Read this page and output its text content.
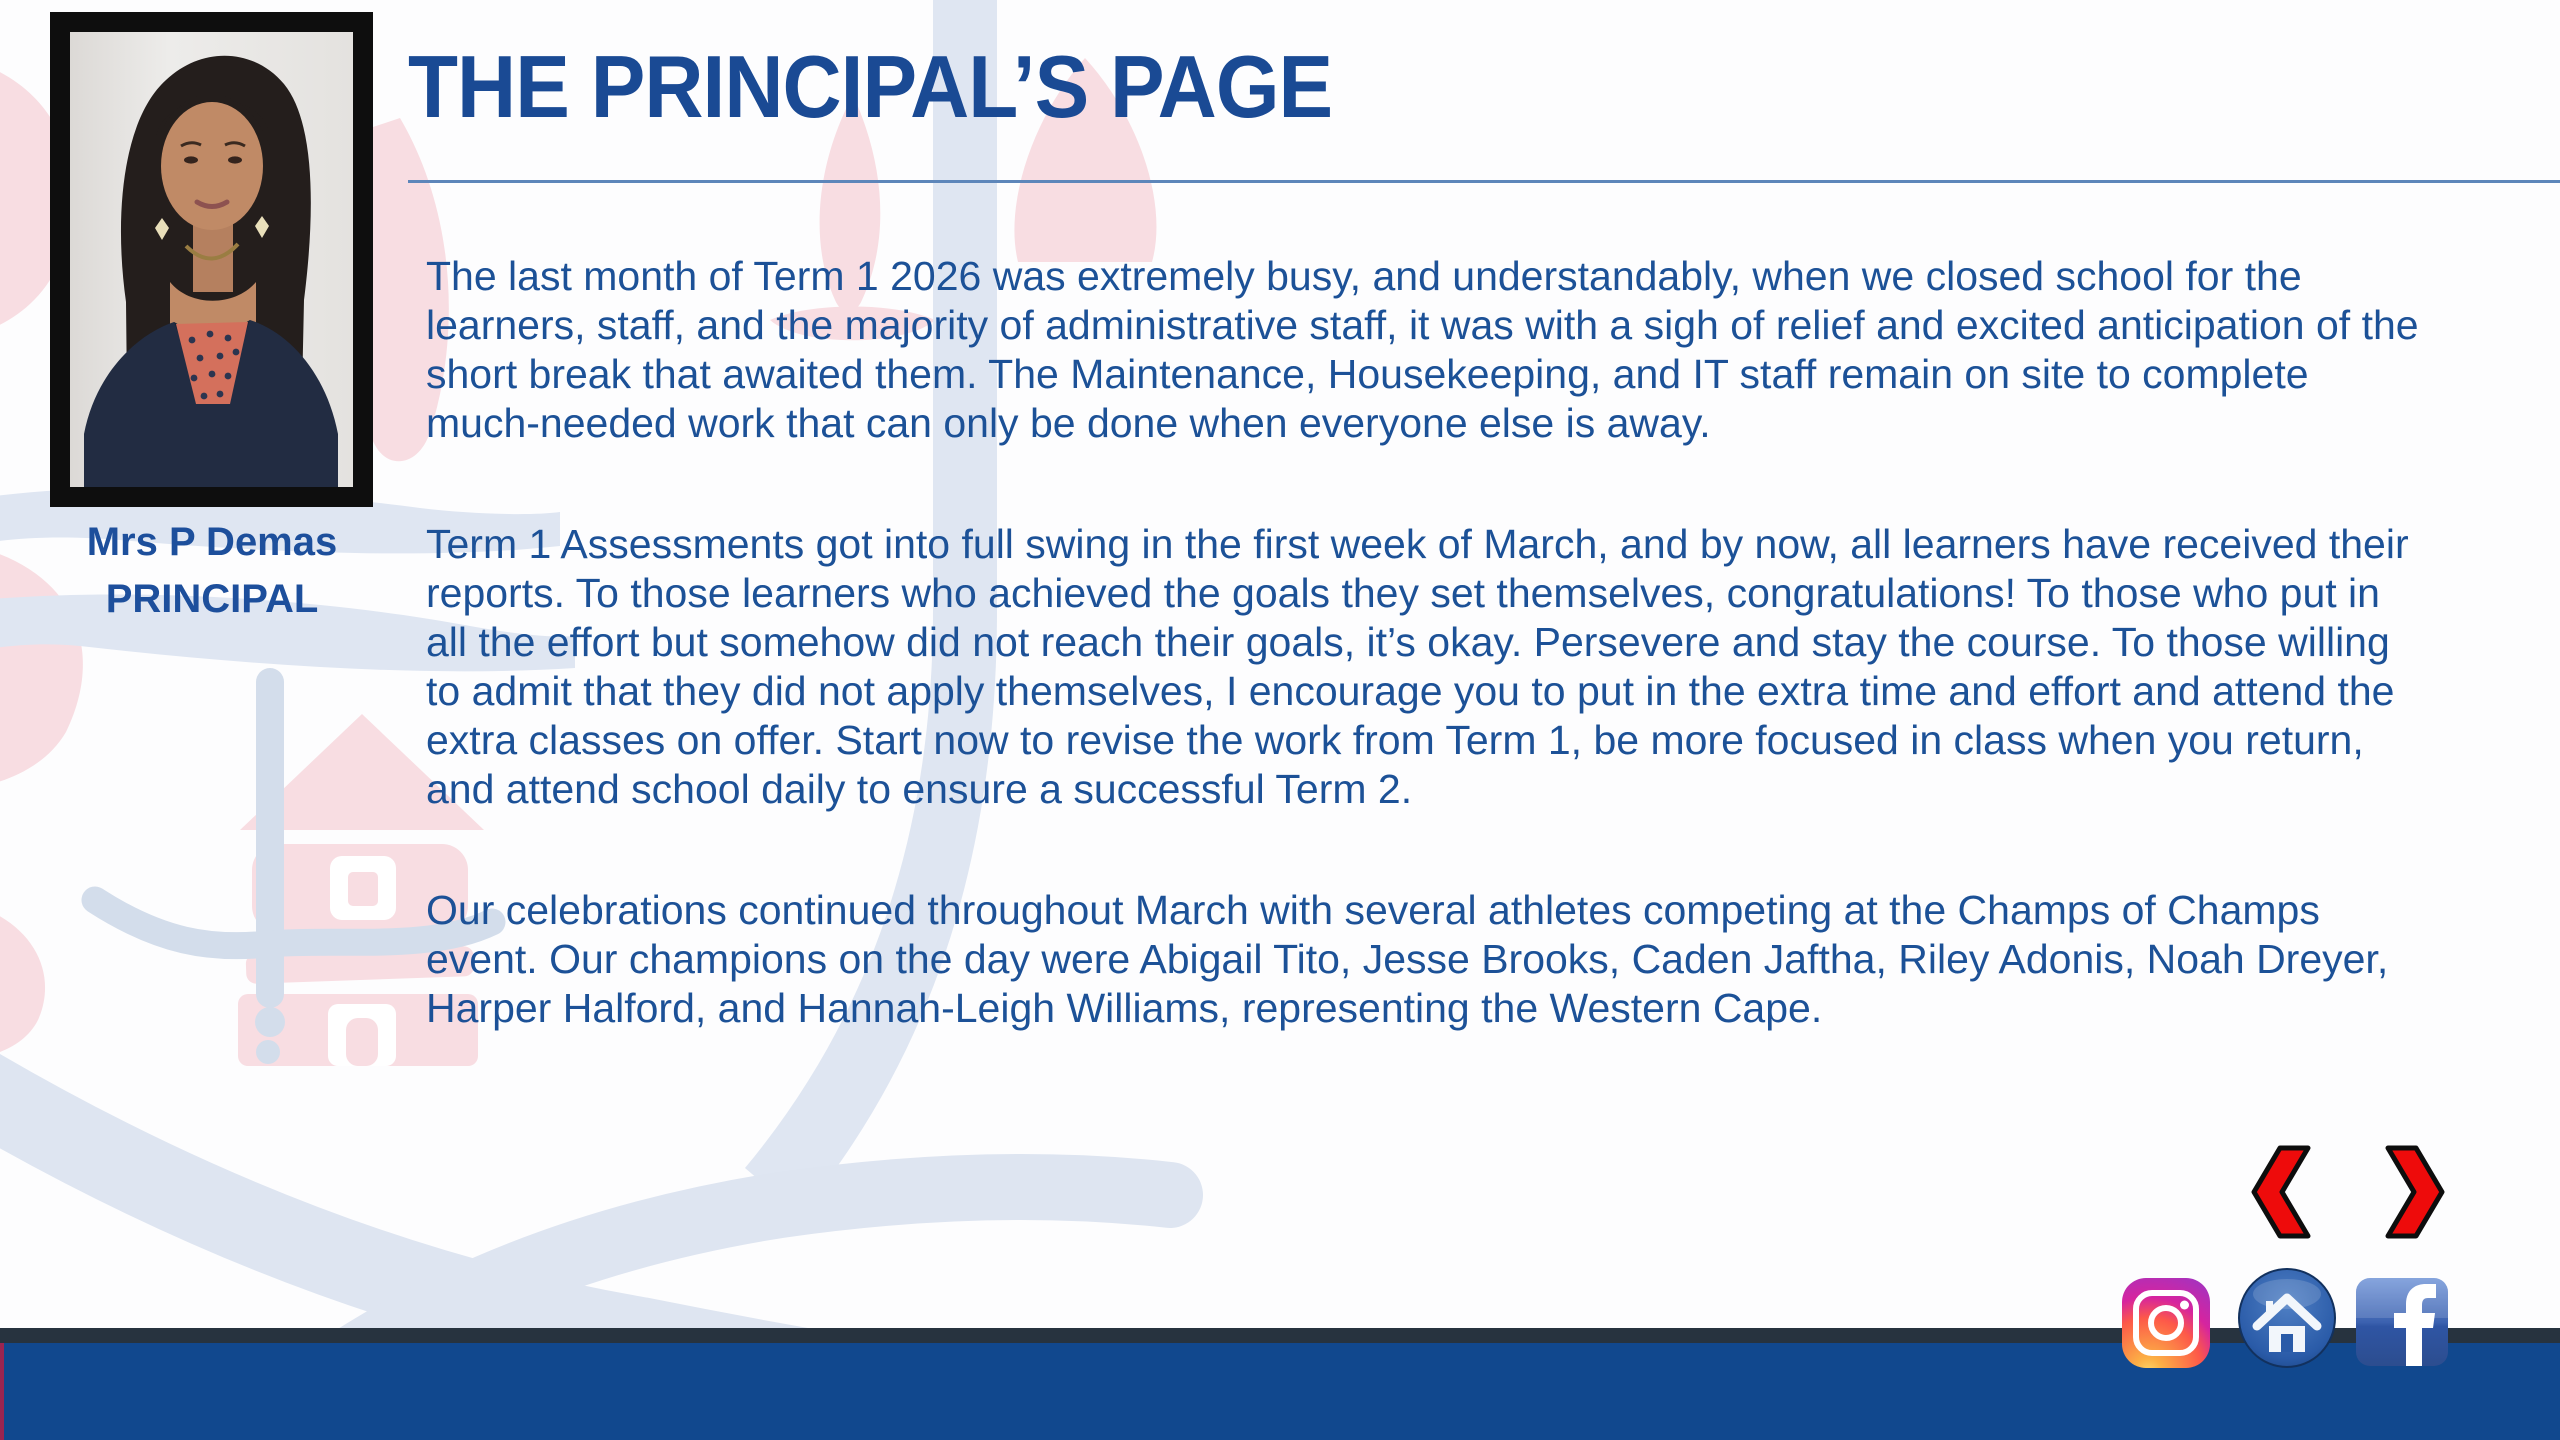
Mrs P Demas
PRINCIPAL
THE PRINCIPAL’S PAGE

The last month of Term 1 2026 was extremely busy, and understandably, when we closed school for the learners, staff, and the majority of administrative staff, it was with a sigh of relief and excited anticipation of the short break that awaited them. The Maintenance, Housekeeping, and IT staff remain on site to complete much-needed work that can only be done when everyone else is away.

Term 1 Assessments got into full swing in the first week of March, and by now, all learners have received their reports. To those learners who achieved the goals they set themselves, congratulations! To those who put in all the effort but somehow did not reach their goals, it’s okay. Persevere and stay the course. To those willing to admit that they did not apply themselves, I encourage you to put in the extra time and effort and attend the extra classes on offer. Start now to revise the work from Term 1, be more focused in class when you return, and attend school daily to ensure a successful Term 2.

Our celebrations continued throughout March with several athletes competing at the Champs of Champs event. Our champions on the day were Abigail Tito, Jesse Brooks, Caden Jaftha, Riley Adonis, Noah Dreyer, Harper Halford, and Hannah-Leigh Williams, representing the Western Cape.
